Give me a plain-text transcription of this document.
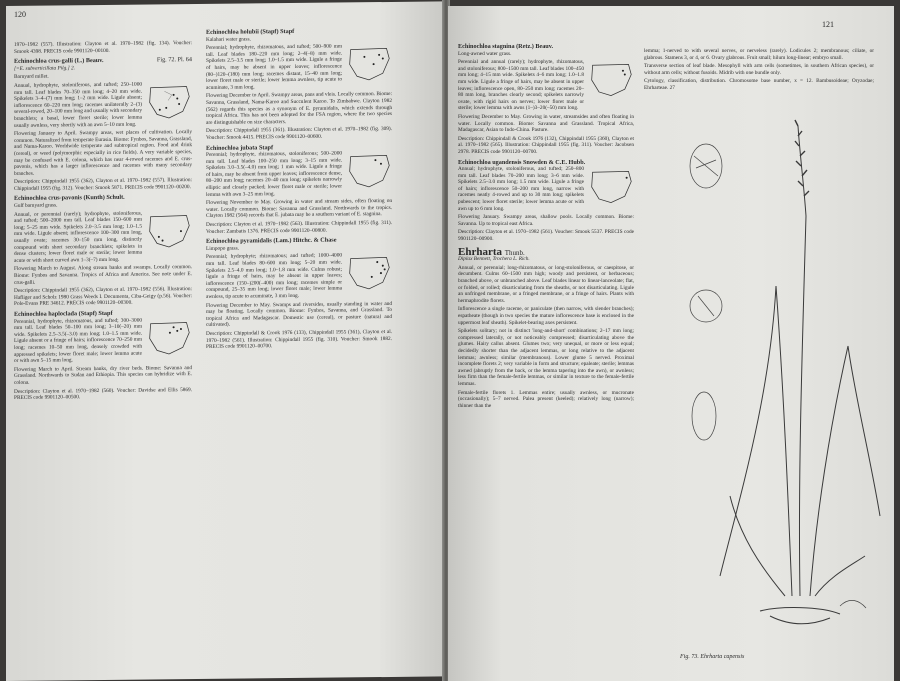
120

1970–1982 (557). Illustration: Clayton et al. 1970–1982 (fig. 134). Voucher: Smook 4398. PRECIS code 9901120–00100.

Echinochloa crus-galli (L.) Beauv.	Fig. 72. Pl. 64

[=E. subverticillata Pilg.] 2.

Barnyard millet.

Annual, hydrophyte, stoloniferous, and tufted; 250–1000 mm tall. Leaf blades 70–350 mm long; 4–20 mm wide. Spikelets 3–4–(7) mm long; 1–2 mm wide. Ligule absent; inflorescence 60–220 mm long; racemes unilaterally 2–(3) several-rowed, 20–100 mm long and usually with secondary branchlets; a basal, lower floret sterile; lower lemma usually awnless, very shortly with an awn 5–10 mm long.

Flowering January to April. Swampy areas, wet places of cultivation. Locally common. Naturalized from temperate Eurasia. Biome: Fynbos, Savanna, Grassland, and Nama-Karoo. Worldwide temperate and subtropical region. Food and drink (cereal), or weed (polymorphic especially in rice fields). A very variable species, may be confused with E. colona, which has near 4-rowed racemes and E. crus-pavonis, which has a larger inflorescence and racemes with many secondary branches.

Description: Chippindall 1955 (362), Clayton et al. 1970–1982 (557). Illustration: Chippindall 1955 (fig. 312). Voucher: Smook 5871. PRECIS code 9901120–00200.

Echinochloa crus-pavonis (Kunth) Schult.

Gulf barnyard grass.

Annual, or perennial (rarely); hydrophyte, stoloniferous, and tufted; 500–2000 mm tall. Leaf blades 150–600 mm long; 5–25 mm wide. Spikelets 2.0–3.5 mm long; 1.0–1.5 mm wide. Ligule absent; inflorescence 100–300 mm long, usually ovate; racemes 30–150 mm long, distinctly compound with short secondary branchlets; spikelets in dense clusters; lower floret male or sterile; lower lemma acute or with short curved awn 1–3(–7) mm long.

Flowering March to August. Along stream banks and swamps. Locally common. Biome: Fynbos and Savanna. Tropics of Africa and America. See note under E. crus-galli.

Description: Chippindall 1955 (362), Clayton et al. 1970–1982 (556). Illustration: Hafliger and Scholz 1980 Grass Weeds I. Documenta, Ciba-Geigy (p.56). Voucher: Pole-Evans PRE 34612. PRECIS code 9901120–00300.

Echinochloa haploclada (Stapf) Stapf

Perennial, hydrophyte, rhizomatous, and tufted; 300–3000 mm tall. Leaf blades 50–100 mm long; 3–10(–20) mm wide. Spikelets 2.5–3.5(–3.0) mm long; 1.0–1.5 mm wide. Ligule absent or a fringe of hairs; inflorescence 70–250 mm long; racemes 10–50 mm long, densely crowded with appressed spikelets; lower floret male; lower lemma acute or with awn 5–15 mm long.

Flowering March to April. Stream banks, dry river beds. Biome: Savanna and Grassland. Northwards to Sudan and Ethiopia. This species can hybridize with E. colona.

Description: Clayton et al. 1970–1982 (560). Voucher: Davidse and Ellis 5869. PRECIS code 9901120–00500.

Echinochloa holubii (Stapf) Stapf

Kalahari water grass.

Perennial; hydrophyte, rhizomatous, and tufted; 500–900 mm tall. Leaf blades 180–220 mm long; 2–4(–8) mm wide. Spikelets 2.5–3.5 mm long; 1.0–1.5 mm wide. Ligule a fringe of hairs, may be absent in upper leaves; inflorescence (80–)120–(180) mm long; racemes distant, 15–40 mm long; lower floret male or sterile; lower lemma awnless, tip acute to acuminate, 3 mm long.

Flowering December to April. Swampy areas, pans and vleis. Locally common. Biome: Savanna, Grassland, Nama-Karoo and Succulent Karoo. To Zimbabwe. Clayton 1982 (562) regards this species as a synonym of E. pyramidalis, which extends through tropical Africa. This has not been adopted for the FSA region, where the two species are distinguishable on size characters.

Description: Chippindall 1955 (361). Illustration: Clayton et al. 1970–1982 (fig. 309). Voucher: Smook 4415. PRECIS code 9901120–00600.

Echinochloa jubata Stapf

Perennial; hydrophyte, rhizomatous, stoloniferous; 500–2000 mm tall. Leaf blades 100–250 mm long; 3–15 mm wide. Spikelets 3.0–3.5(–4.0) mm long; 1 mm wide. Ligule a fringe of hairs, may be absent from upper leaves; inflorescence dense, 80–200 mm long; racemes 20–40 mm long; spikelets narrowly elliptic and closely packed; lower floret male or sterile; lower lemma with awn 3–25 mm long.

Flowering November to May. Growing in water and stream sides, often floating on water. Locally common. Biome: Savanna and Grassland. Northwards to the tropics. Clayton 1982 (564) records that E. jubata may be a southern variant of E. stagnina.

Description: Clayton et al. 1970–1982 (563). Illustration: Chippindall 1955 (fig. 311). Voucher: Zambatis 1376. PRECIS code 9901120–00800.

Echinochloa pyramidalis (Lam.) Hitchc. & Chase

Limpopo grass.

Perennial; hydrophyte; rhizomatous; and tufted; 1000–4000 mm tall. Leaf blades 80–600 mm long; 5–20 mm wide. Spikelets 2.5–4.0 mm long; 1.0–1.8 mm wide. Culms robust; ligule a fringe of hairs, may be absent in upper leaves; inflorescence (150–)200(–400) mm long; racemes simple or compound, 25–35 mm long; lower floret male; lower lemma awnless, tip acute to acuminate, 3 mm long.

Flowering December to May. Swamps and riversides, usually standing in water and may be floating. Locally common. Biome: Fynbos, Savanna, and Grassland. To tropical Africa and Madagascar. Domestic use (cereal), or pasture (natural and cultivated).

Description: Chippindall & Crook 1976 (133), Chippindall 1955 (361), Clayton et al. 1970–1982 (561). Illustration: Chippindall 1955 (fig. 310). Voucher: Smook 1882. PRECIS code 9901120–00700.

121
Echinochloa stagnina (Retz.) Beauv.

Long-awned water grass.

Perennial and annual (rarely); hydrophyte, rhizomatous, and stoloniferous; 800–1500 mm tall. Leaf blades 100–450 mm long; 4–15 mm wide. Spikelets 4–6 mm long; 1.0–1.8 mm wide. Ligule a fringe of hairs, may be absent in upper leaves; inflorescence open, 80–250 mm long; racemes 20–80 mm long, branches clearly second; spikelets narrowly ovate, with rigid hairs on nerves; lower floret male or sterile; lower lemma with awns (1–)3–20(–50) mm long.

Flowering December to May. Growing in water, streamsides and often floating in water. Locally common. Biome: Savanna and Grassland. Tropical Africa, Madagascar, Asian to Indo-China. Pasture.

Description: Chippindall & Crook 1976 (132), Chippindall 1955 (360), Clayton et al. 1970–1982 (565). Illustration: Chippindall 1955 (fig. 311). Voucher: Jacobsen 2978. PRECIS code 9901120–00700.

Echinochloa ugandensis Snowden & C.E. Hubb.

Annual; hydrophyte, stoloniferous, and tufted; 250–800 mm tall. Leaf blades 70–200 mm long; 3–6 mm wide. Spikelets 2.5–3.0 mm long; 1.5 mm wide. Ligule a fringe of hairs; inflorescence 50–200 mm long, narrow with racemes neatly 4-rowed and up to 30 mm long; spikelets pubescent; lower floret sterile; lower lemma acute or with awn up to 6 mm long.

Flowering January. Swampy areas, shallow pools. Locally common. Biome: Savanna. Up to tropical east Africa.

Description: Clayton et al. 1970–1982 (561). Voucher: Smook 5537. PRECIS code 9901120–00900.

Ehrharta Thunb.

Diplax Bennett, Trochera L. Rich.

Annual, or perennial; long-rhizomatous, or long-stoloniferous, or caespitose, or decumbent. Culms 60–1500 mm high; woody and persistent, or herbaceous; branched above, or unbranched above. Leaf blades linear to linear-lanceolate; flat, or folded, or rolled; disarticulating from the sheaths, or not disarticulating. Ligule an unfringed membrane, or a fringed membrane, or a fringe of hairs. Plants with hermaphrodite florets.

Inflorescence a single raceme, or paniculate (then narrow, with slender branches); espatheate (though in two species the mature inflorescence base is enclosed in the uppermost leaf sheath). Spikelet-bearing axes persistent.

Spikelets solitary; not in distinct 'long-and-short' combinations; 2–17 mm long; compressed laterally, or not noticeably compressed; disarticulating above the glumes. Hairy callus absent. Glumes two; very unequal, or more or less equal; decidedly shorter than the adjacent lemmas, or long relative to the adjacent lemmas; awnless; similar (membranous). Lower glume 5 nerved. Proximal incomplete florets 2; very variable in form and structure; epaleate; sterile; lemmas awned (abruptly from the back, or the lemma tapering into the awn), or awnless; less firm than the female-fertile lemmas, or similar in texture to the female-fertile lemmas.

Female-fertile florets 1. Lemmas entire; usually awnless, or mucronate (occasionally); 5–7 nerved. Palea present (keeled); relatively long (narrow); thinner than the

lemma; 1-nerved to with several nerves, or nerveless (rarely). Lodicules 2; membranous; ciliate, or glabrous. Stamens 3, or 4, or 6. Ovary glabrous. Fruit small; hilum long-linear; embryo small.

Transverse section of leaf blade. Mesophyll with arm cells (sometimes, in southern African species), or without arm cells; without fusoids. Midrib with one bundle only.

Cytology, classification, distribution. Chromosome base number, x = 12. Bambusoideae; Oryzodae; Ehrharteae. 27

Fig. 73. Ehrharta capensis
